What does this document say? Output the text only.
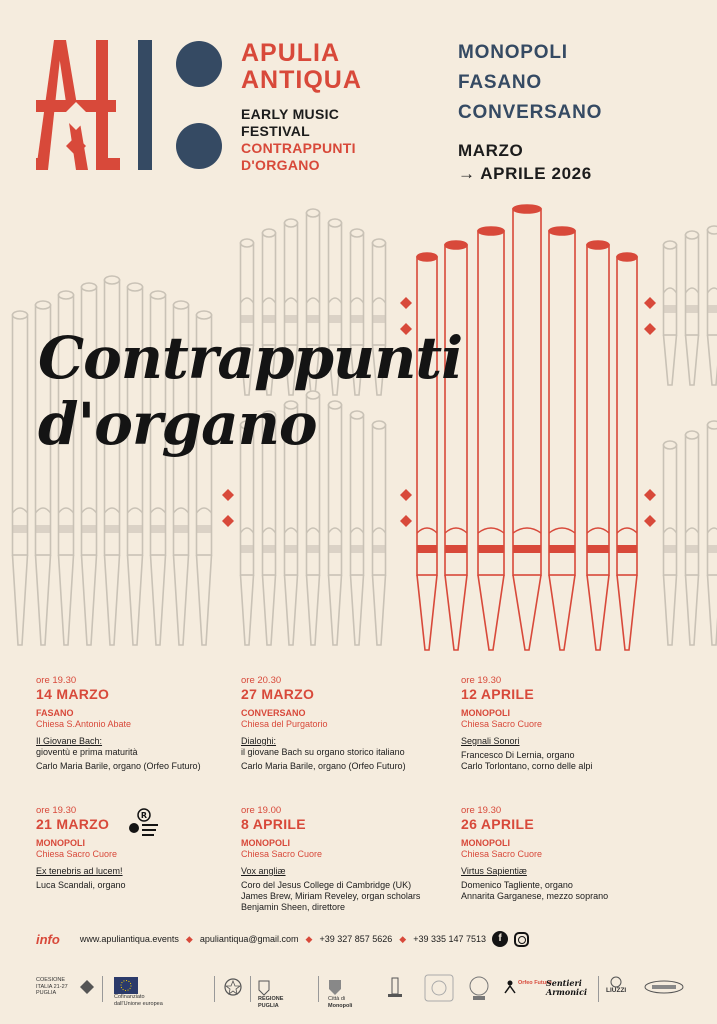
APULIA
ANTIQUA
EARLY MUSIC
FESTIVAL
CONTRAPPUNTI
D'ORGANO
MONOPOLI
FASANO
CONVERSANO
MARZO
→ APRILE 2026
Contrappunti
d'organo
ore 19.30
14 MARZO
FASANO
Chiesa S.Antonio Abate
Il Giovane Bach:
gioventù e prima maturità
Carlo Maria Barile, organo (Orfeo Futuro)
ore 20.30
27 MARZO
CONVERSANO
Chiesa del Purgatorio
Dialoghi:
il giovane Bach su organo storico italiano
Carlo Maria Barile, organo (Orfeo Futuro)
ore 19.30
12 APRILE
MONOPOLI
Chiesa Sacro Cuore
Segnali Sonori
Francesco Di Lernia, organo
Carlo Torlontano, corno delle alpi
ore 19.30
21 MARZO
MONOPOLI
Chiesa Sacro Cuore
Ex tenebris ad lucem!
Luca Scandali, organo
ore 19.00
8 APRILE
MONOPOLI
Chiesa Sacro Cuore
Vox angliæ
Coro del Jesus College di Cambridge (UK)
James Brew, Miriam Reveley, organ scholars
Benjamin Sheen, direttore
ore 19.30
26 APRILE
MONOPOLI
Chiesa Sacro Cuore
Virtus Sapientiæ
Domenico Tagliente, organo
Annarita Garganese, mezzo soprano
R
info www.apuliantiqua.events ◆ apuliantiqua@gmail.com ◆ +39 327 857 5626 ◆ +39 335 147 7513	f
COESIONE
ITALIA 21-27
PUGLIA
Cofinanziato
dall'Unione europea
REGIONE
PUGLIA
Città di
Monopoli
Orfeo Futuro
Sentieri
Armonici	LIUZZI
